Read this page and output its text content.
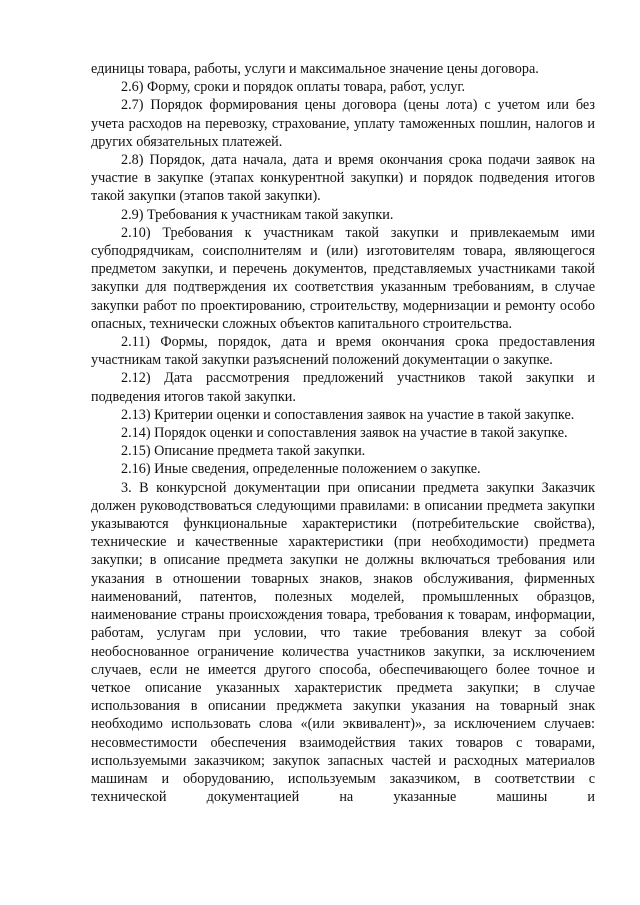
единицы товара, работы, услуги и максимальное значение цены договора.

2.6) Форму, сроки и порядок оплаты товара, работ, услуг.

2.7) Порядок формирования цены договора (цены лота) с учетом или без учета расходов на перевозку, страхование, уплату таможенных пошлин, налогов и других обязательных платежей.

2.8) Порядок, дата начала, дата и время окончания срока подачи заявок на участие в закупке (этапах конкурентной закупки) и порядок подведения итогов такой закупки (этапов такой закупки).

2.9) Требования к участникам такой закупки.

2.10) Требования к участникам такой закупки и привлекаемым ими субподрядчикам, соисполнителям и (или) изготовителям товара, являющегося предметом закупки, и перечень документов, представляемых участниками такой закупки для подтверждения их соответствия указанным требованиям, в случае закупки работ по проектированию, строительству, модернизации и ремонту особо опасных, технически сложных объектов капитального строительства.

2.11) Формы, порядок, дата и время окончания срока предоставления участникам такой закупки разъяснений положений документации о закупке.

2.12) Дата рассмотрения предложений участников такой закупки и подведения итогов такой закупки.

2.13) Критерии оценки и сопоставления заявок на участие в такой закупке.

2.14) Порядок оценки и сопоставления заявок на участие в такой закупке.

2.15) Описание предмета такой закупки.

2.16) Иные сведения, определенные положением о закупке.

3. В конкурсной документации при описании предмета закупки Заказчик должен руководствоваться следующими правилами: в описании предмета закупки указываются функциональные характеристики (потребительские свойства), технические и качественные характеристики (при необходимости) предмета закупки; в описание предмета закупки не должны включаться требования или указания в отношении товарных знаков, знаков обслуживания, фирменных наименований, патентов, полезных моделей, промышленных образцов, наименование страны происхождения товара, требования к товарам, информации, работам, услугам при условии, что такие требования влекут за собой необоснованное ограничение количества участников закупки, за исключением случаев, если не имеется другого способа, обеспечивающего более точное и четкое описание указанных характеристик предмета закупки; в случае использования в описании преджмета закупки указания на товарный знак необходимо использовать слова «(или эквивалент)», за исключением случаев: несовместимости обеспечения взаимодействия таких товаров с товарами, используемыми заказчиком; закупок запасных частей и расходных материалов машинам и оборудованию, используемым заказчиком, в соответствии с технической документацией на указанные машины и
